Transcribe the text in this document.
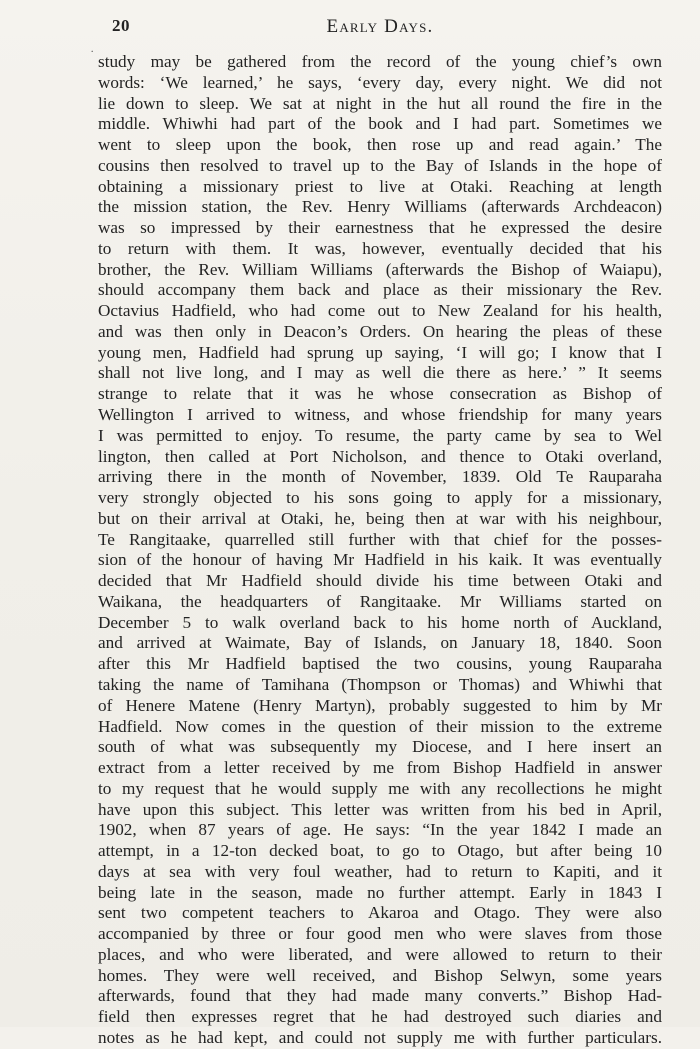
˙
20	Early Days.
study may be gathered from the record of the young chief’s own
words: ‘We learned,’ he says, ‘every day, every night. We did not
lie down to sleep. We sat at night in the hut all round the fire in the
middle. Whiwhi had part of the book and I had part. Sometimes we
went to sleep upon the book, then rose up and read again.’ The
cousins then resolved to travel up to the Bay of Islands in the hope of
obtaining a missionary priest to live at Otaki. Reaching at length
the mission station, the Rev. Henry Williams (afterwards Archdeacon)
was so impressed by their earnestness that he expressed the desire
to return with them. It was, however, eventually decided that his
brother, the Rev. William Williams (afterwards the Bishop of Waiapu),
should accompany them back and place as their missionary the Rev.
Octavius Hadfield, who had come out to New Zealand for his health,
and was then only in Deacon’s Orders. On hearing the pleas of these
young men, Hadfield had sprung up saying, ‘I will go; I know that I
shall not live long, and I may as well die there as here.’ ” It seems
strange to relate that it was he whose consecration as Bishop of
Wellington I arrived to witness, and whose friendship for many years
I was permitted to enjoy. To resume, the party came by sea to Wel
lington, then called at Port Nicholson, and thence to Otaki overland,
arriving there in the month of November, 1839. Old Te Rauparaha
very strongly objected to his sons going to apply for a missionary,
but on their arrival at Otaki, he, being then at war with his neighbour,
Te Rangitaake, quarrelled still further with that chief for the posses-
sion of the honour of having Mr Hadfield in his kaik. It was eventually
decided that Mr Hadfield should divide his time between Otaki and
Waikana, the headquarters of Rangitaake. Mr Williams started on
December 5 to walk overland back to his home north of Auckland,
and arrived at Waimate, Bay of Islands, on January 18, 1840. Soon
after this Mr Hadfield baptised the two cousins, young Rauparaha
taking the name of Tamihana (Thompson or Thomas) and Whiwhi that
of Henere Matene (Henry Martyn), probably suggested to him by Mr
Hadfield. Now comes in the question of their mission to the extreme
south of what was subsequently my Diocese, and I here insert an
extract from a letter received by me from Bishop Hadfield in answer
to my request that he would supply me with any recollections he might
have upon this subject. This letter was written from his bed in April,
1902, when 87 years of age. He says: “In the year 1842 I made an
attempt, in a 12-ton decked boat, to go to Otago, but after being 10
days at sea with very foul weather, had to return to Kapiti, and it
being late in the season, made no further attempt. Early in 1843 I
sent two competent teachers to Akaroa and Otago. They were also
accompanied by three or four good men who were slaves from those
places, and who were liberated, and were allowed to return to their
homes. They were well received, and Bishop Selwyn, some years
afterwards, found that they had made many converts.” Bishop Had-
field then expresses regret that he had destroyed such diaries and
notes as he had kept, and could not supply me with further particulars.
